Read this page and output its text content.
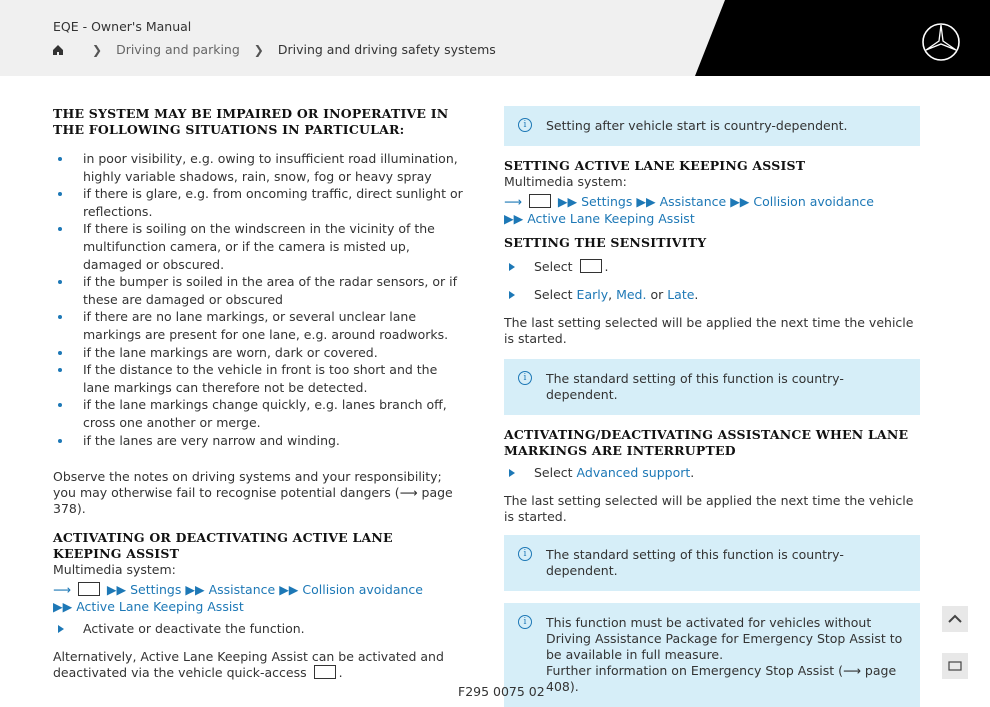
EQE - Owner's Manual
❯ Driving and parking ❯ Driving and driving safety systems
THE SYSTEM MAY BE IMPAIRED OR INOPERATIVE IN THE FOLLOWING SITUATIONS IN PARTICULAR:
in poor visibility, e.g. owing to insufficient road illumination, highly variable shadows, rain, snow, fog or heavy spray
if there is glare, e.g. from oncoming traffic, direct sunlight or reflections.
If there is soiling on the windscreen in the vicinity of the multifunction camera, or if the camera is misted up, damaged or obscured.
if the bumper is soiled in the area of the radar sensors, or if these are damaged or obscured
if there are no lane markings, or several unclear lane markings are present for one lane, e.g. around roadworks.
if the lane markings are worn, dark or covered.
If the distance to the vehicle in front is too short and the lane markings can therefore not be detected.
if the lane markings change quickly, e.g. lanes branch off, cross one another or merge.
if the lanes are very narrow and winding.

Observe the notes on driving systems and your responsibility; you may otherwise fail to recognise potential dangers (⟶ page 378).

ACTIVATING OR DEACTIVATING ACTIVE LANE KEEPING ASSIST

Multimedia system:

⟶	▶▶ Settings ▶▶ Assistance ▶▶ Collision avoidance
▶▶ Active Lane Keeping Assist
Activate or deactivate the function.

Alternatively, Active Lane Keeping Assist can be activated and deactivated via the vehicle quick-access	.

i	Setting after vehicle start is country-dependent.
SETTING ACTIVE LANE KEEPING ASSIST

Multimedia system:

⟶	▶▶ Settings ▶▶ Assistance ▶▶ Collision avoidance
▶▶ Active Lane Keeping Assist
SETTING THE SENSITIVITY
Select	.
Select Early, Med. or Late.

The last setting selected will be applied the next time the vehicle is started.

i	The standard setting of this function is country-dependent.
ACTIVATING/DEACTIVATING ASSISTANCE WHEN LANE MARKINGS ARE INTERRUPTED
Select Advanced support.

The last setting selected will be applied the next time the vehicle is started.

i	The standard setting of this function is country-dependent.
i	This function must be activated for vehicles without Driving Assistance Package for Emergency Stop Assist to be available in full measure.
Further information on Emergency Stop Assist (⟶ page 408).
F295 0075 02
